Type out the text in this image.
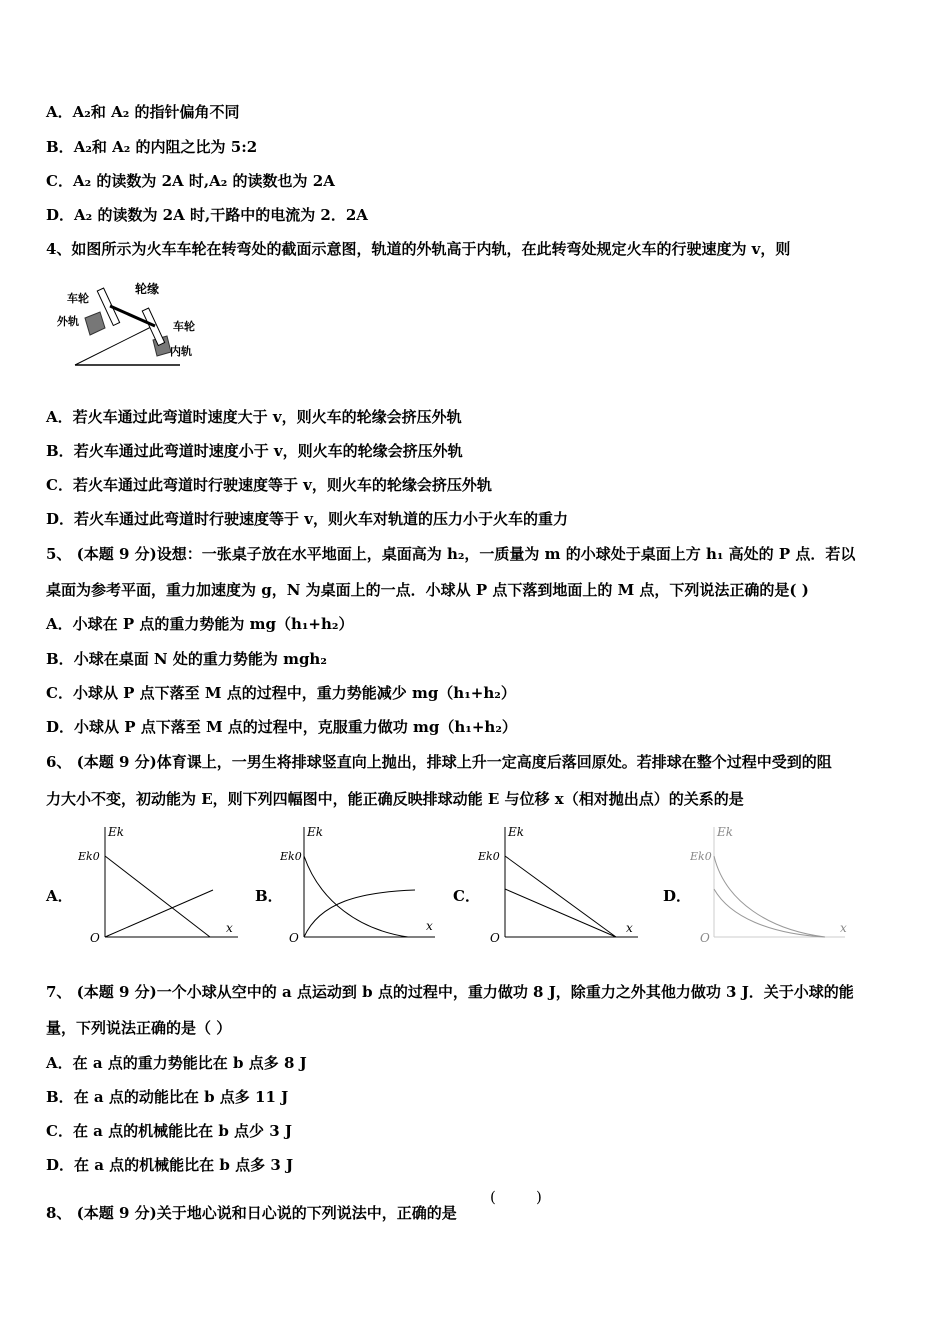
A．A₂和 A₂ 的指针偏角不同
B．A₂和 A₂ 的内阻之比为 5:2
C．A₂ 的读数为 2A 时,A₂ 的读数也为 2A
D．A₂ 的读数为 2A 时,干路中的电流为 2．2A
4、如图所示为火车车轮在转弯处的截面示意图，轨道的外轨高于内轨，在此转弯处规定火车的行驶速度为 v，则
车轮
轮缘
外轨	车轮
内轨
A．若火车通过此弯道时速度大于 v，则火车的轮缘会挤压外轨
B．若火车通过此弯道时速度小于 v，则火车的轮缘会挤压外轨
C．若火车通过此弯道时行驶速度等于 v，则火车的轮缘会挤压外轨
D．若火车通过此弯道时行驶速度等于 v，则火车对轨道的压力小于火车的重力
5、 (本题 9 分)设想：一张桌子放在水平地面上，桌面高为 h₂，一质量为 m 的小球处于桌面上方 h₁ 高处的 P 点．若以
桌面为参考平面，重力加速度为 g，N 为桌面上的一点．小球从 P 点下落到地面上的 M 点，下列说法正确的是( )
A．小球在 P 点的重力势能为 mg（h₁+h₂）
B．小球在桌面 N 处的重力势能为 mgh₂
C．小球从 P 点下落至 M 点的过程中，重力势能减少 mg（h₁+h₂）
D．小球从 P 点下落至 M 点的过程中，克服重力做功 mg（h₁+h₂）
6、 (本题 9 分)体育课上，一男生将排球竖直向上抛出，排球上升一定高度后落回原处。若排球在整个过程中受到的阻
力大小不变，初动能为 E，则下列四幅图中，能正确反映排球动能 E 与位移 x（相对抛出点）的关系的是
A．	B．	C．	D．
Ek
Ek0
O
x
Ek
Ek0
O
x
Ek
Ek0
O
x
Ek
Ek0
O
x
7、 (本题 9 分)一个小球从空中的 a 点运动到 b 点的过程中，重力做功 8 J，除重力之外其他力做功 3 J．关于小球的能
量，下列说法正确的是（ ）
A．在 a 点的重力势能比在 b 点多 8 J
B．在 a 点的动能比在 b 点多 11 J
C．在 a 点的机械能比在 b 点少 3 J
D．在 a 点的机械能比在 b 点多 3 J
8、 (本题 9 分)关于地心说和日心说的下列说法中，正确的是
(	)
